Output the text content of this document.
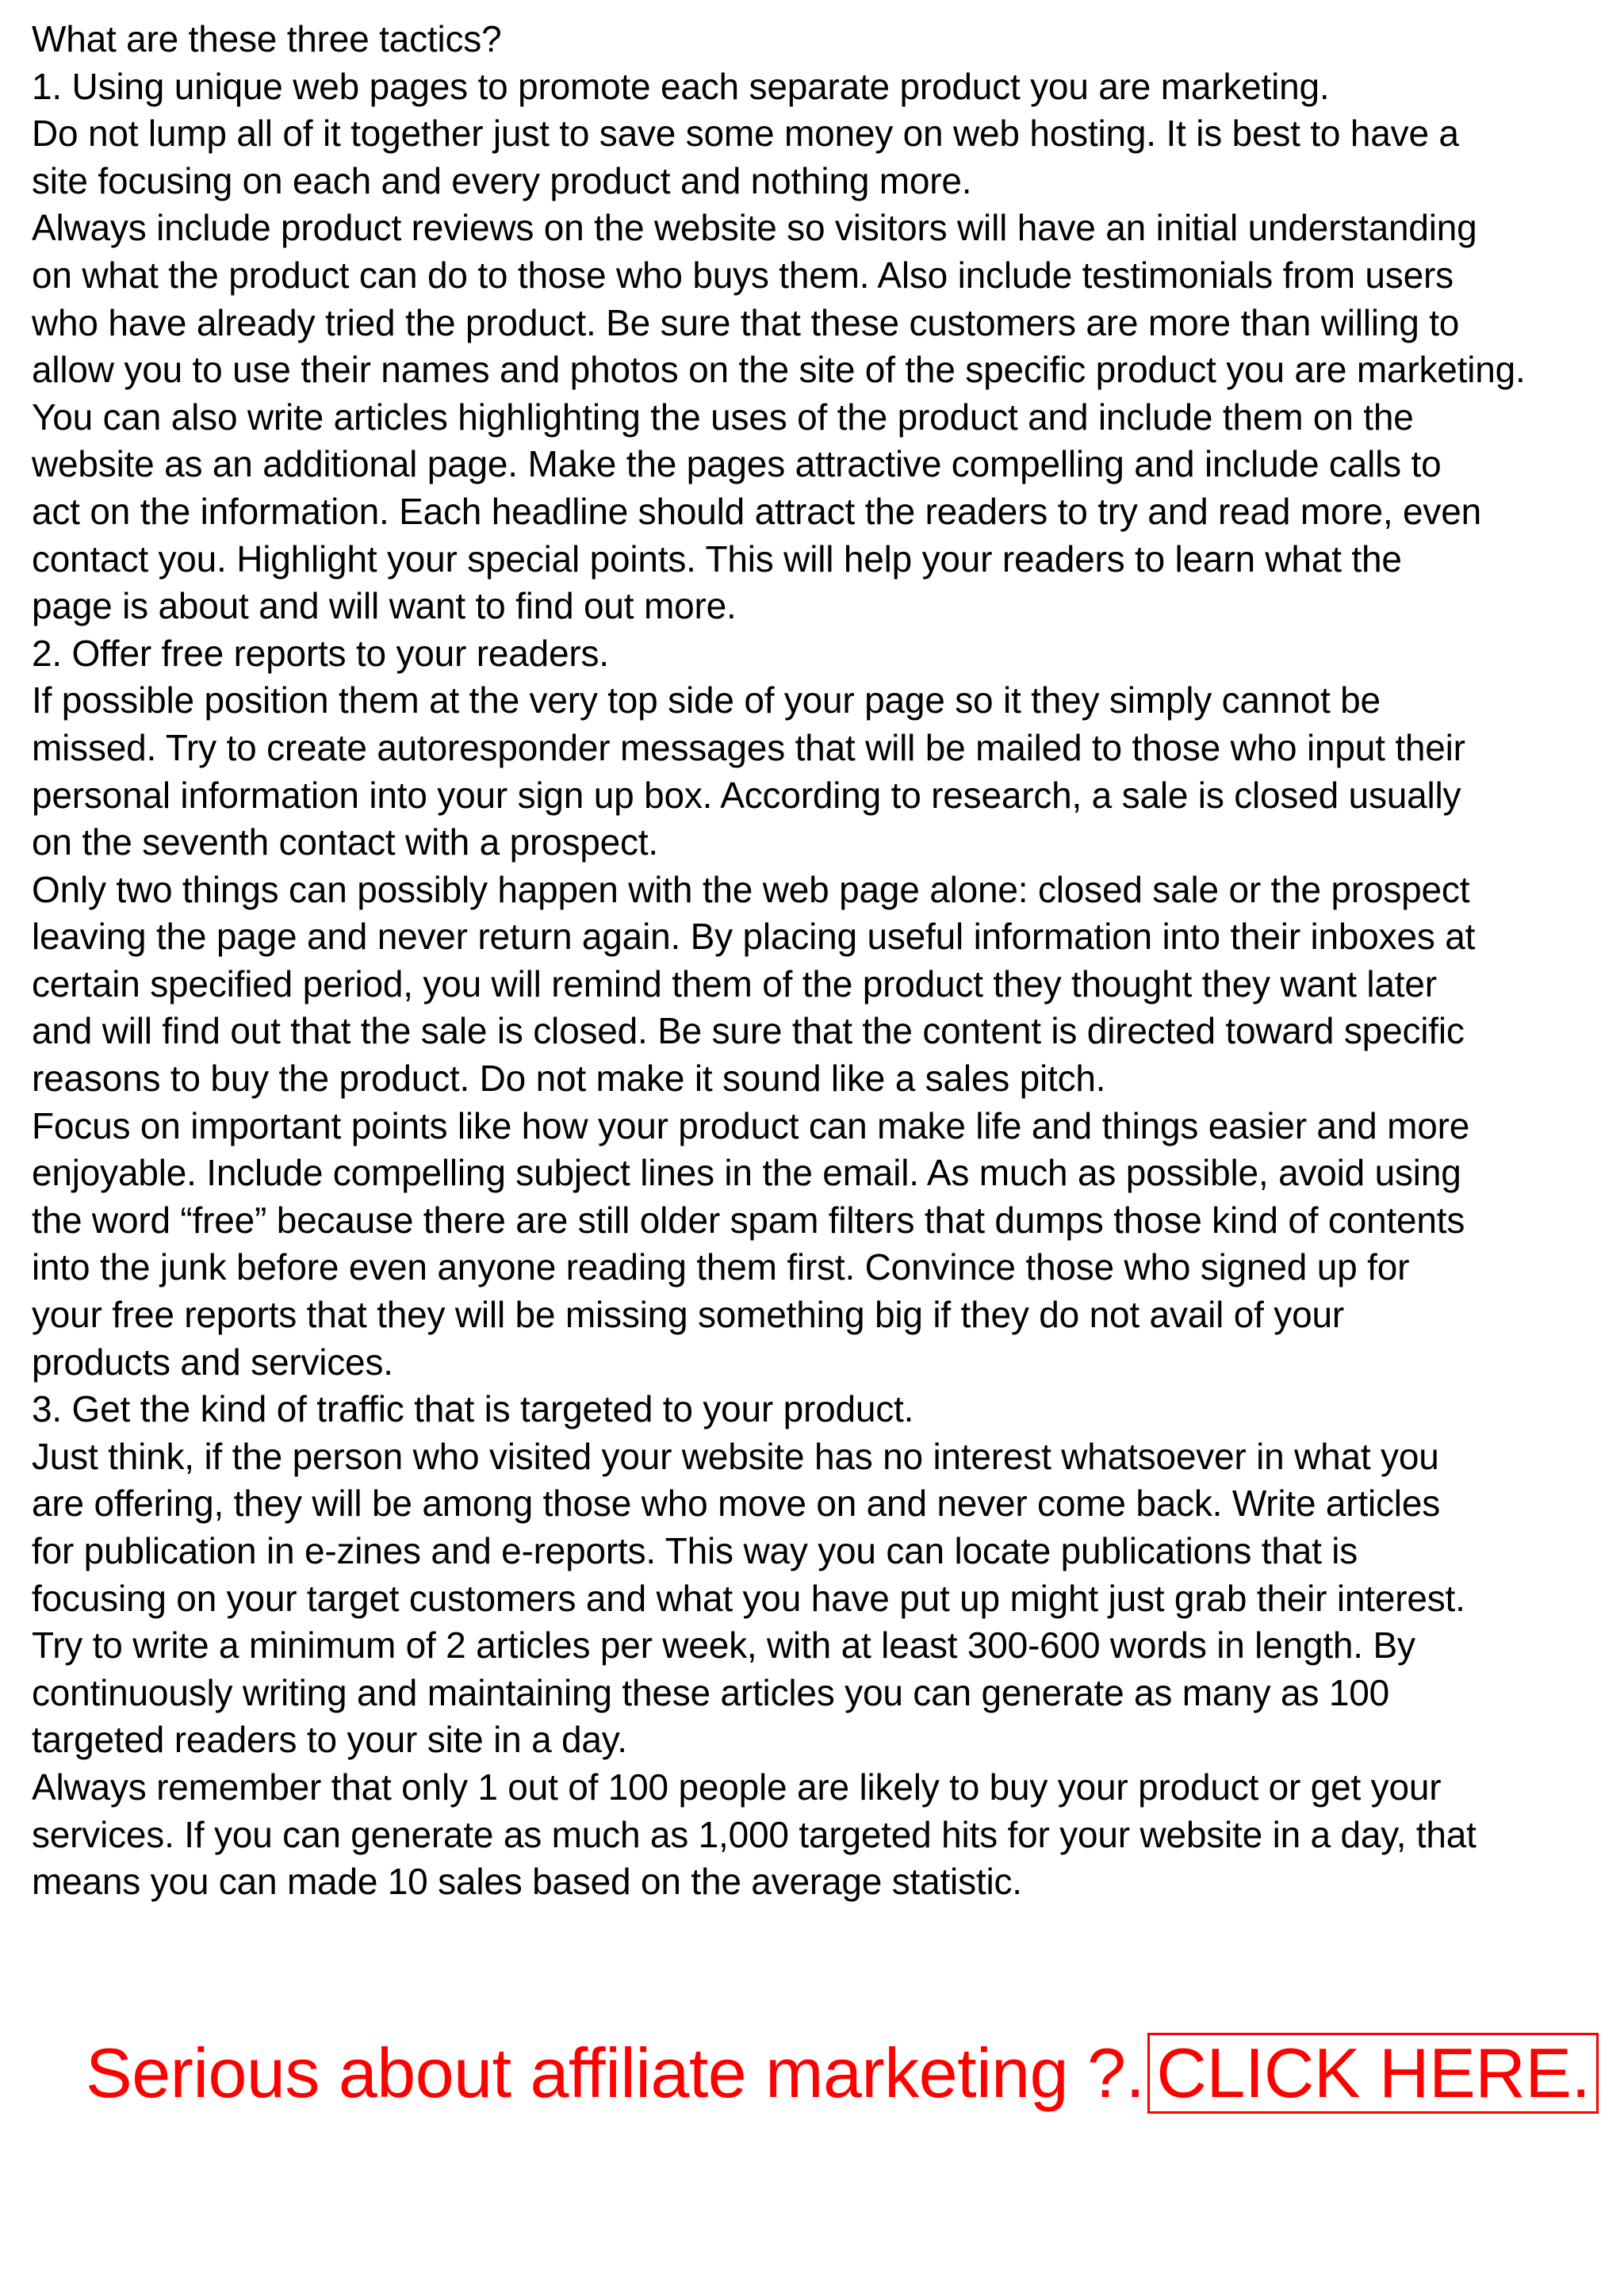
What are these three tactics?
1. Using unique web pages to promote each separate product you are marketing.
Do not lump all of it together just to save some money on web hosting. It is best to have a
site focusing on each and every product and nothing more.
Always include product reviews on the website so visitors will have an initial understanding
on what the product can do to those who buys them. Also include testimonials from users
who have already tried the product. Be sure that these customers are more than willing to
allow you to use their names and photos on the site of the specific product you are marketing.
You can also write articles highlighting the uses of the product and include them on the
website as an additional page. Make the pages attractive compelling and include calls to
act on the information. Each headline should attract the readers to try and read more, even
contact you. Highlight your special points. This will help your readers to learn what the
page is about and will want to find out more.
2. Offer free reports to your readers.
If possible position them at the very top side of your page so it they simply cannot be
missed. Try to create autoresponder messages that will be mailed to those who input their
personal information into your sign up box. According to research, a sale is closed usually
on the seventh contact with a prospect.
Only two things can possibly happen with the web page alone: closed sale or the prospect
leaving the page and never return again. By placing useful information into their inboxes at
certain specified period, you will remind them of the product they thought they want later
and will find out that the sale is closed. Be sure that the content is directed toward specific
reasons to buy the product. Do not make it sound like a sales pitch.
Focus on important points like how your product can make life and things easier and more
enjoyable. Include compelling subject lines in the email. As much as possible, avoid using
the word “free” because there are still older spam filters that dumps those kind of contents
into the junk before even anyone reading them first. Convince those who signed up for
your free reports that they will be missing something big if they do not avail of your
products and services.
3. Get the kind of traffic that is targeted to your product.
Just think, if the person who visited your website has no interest whatsoever in what you
are offering, they will be among those who move on and never come back. Write articles
for publication in e-zines and e-reports. This way you can locate publications that is
focusing on your target customers and what you have put up might just grab their interest.
Try to write a minimum of 2 articles per week, with at least 300-600 words in length. By
continuously writing and maintaining these articles you can generate as many as 100
targeted readers to your site in a day.
Always remember that only 1 out of 100 people are likely to buy your product or get your
services. If you can generate as much as 1,000 targeted hits for your website in a day, that
means you can made 10 sales based on the average statistic.
Serious about affiliate marketing ?. CLICK HERE.
